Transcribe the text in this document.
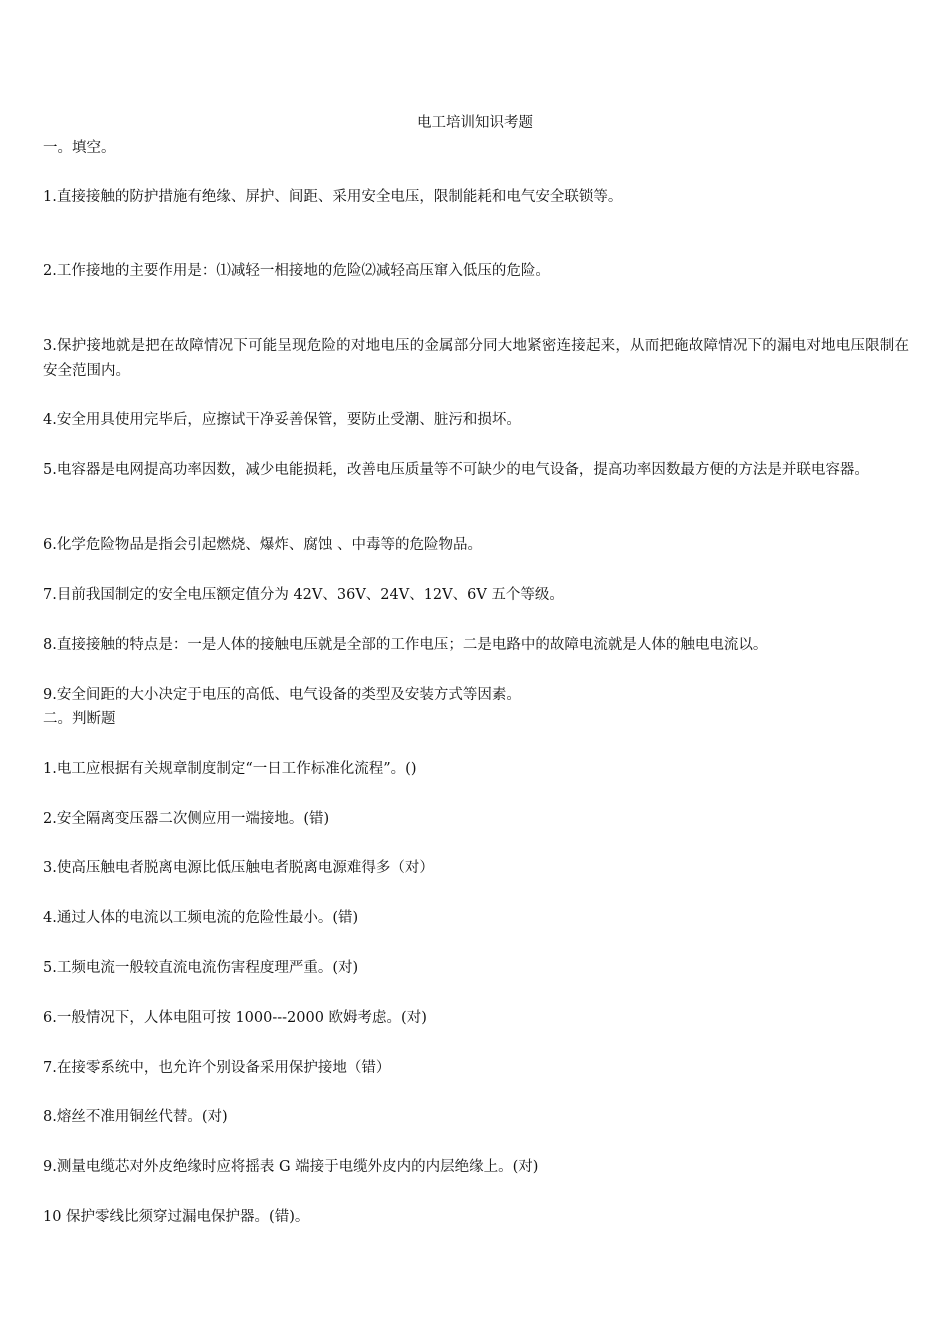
电工培训知识考题
一。填空。
1.直接接触的防护措施有绝缘、屏护、间距、采用安全电压，限制能耗和电气安全联锁等。
2.工作接地的主要作用是：⑴减轻一相接地的危险⑵减轻高压窜入低压的危险。
3.保护接地就是把在故障情况下可能呈现危险的对地电压的金属部分同大地紧密连接起来，从而把砤故障情况下的漏电对地电压限制在安全范围内。
4.安全用具使用完毕后，应擦试干净妥善保管，要防止受潮、脏污和损坏。
5.电容器是电网提高功率因数，减少电能损耗，改善电压质量等不可缺少的电气设备，提高功率因数最方便的方法是并联电容器。
6.化学危险物品是指会引起燃烧、爆炸、腐蚀 、中毒等的危险物品。
7.目前我国制定的安全电压额定值分为 42V、36V、24V、12V、6V 五个等级。
8.直接接触的特点是：一是人体的接触电压就是全部的工作电压；二是电路中的故障电流就是人体的触电电流以。
9.安全间距的大小决定于电压的高低、电气设备的类型及安装方式等因素。
二。判断题
1.电工应根据有关规章制度制定“一日工作标准化流程”。()
2.安全隔离变压器二次侧应用一端接地。(错)
3.使高压触电者脱离电源比低压触电者脱离电源难得多（对）
4.通过人体的电流以工频电流的危险性最小。(错)
5.工频电流一般较直流电流伤害程度理严重。(对)
6.一般情况下，人体电阻可按 1000---2000 欧姆考虑。(对)
7.在接零系统中，也允许个别设备采用保护接地（错）
8.熔丝不准用铜丝代替。(对)
9.测量电缆芯对外皮绝缘时应将摇表 G 端接于电缆外皮内的内层绝缘上。(对)
10 保护零线比须穿过漏电保护器。(错)。
